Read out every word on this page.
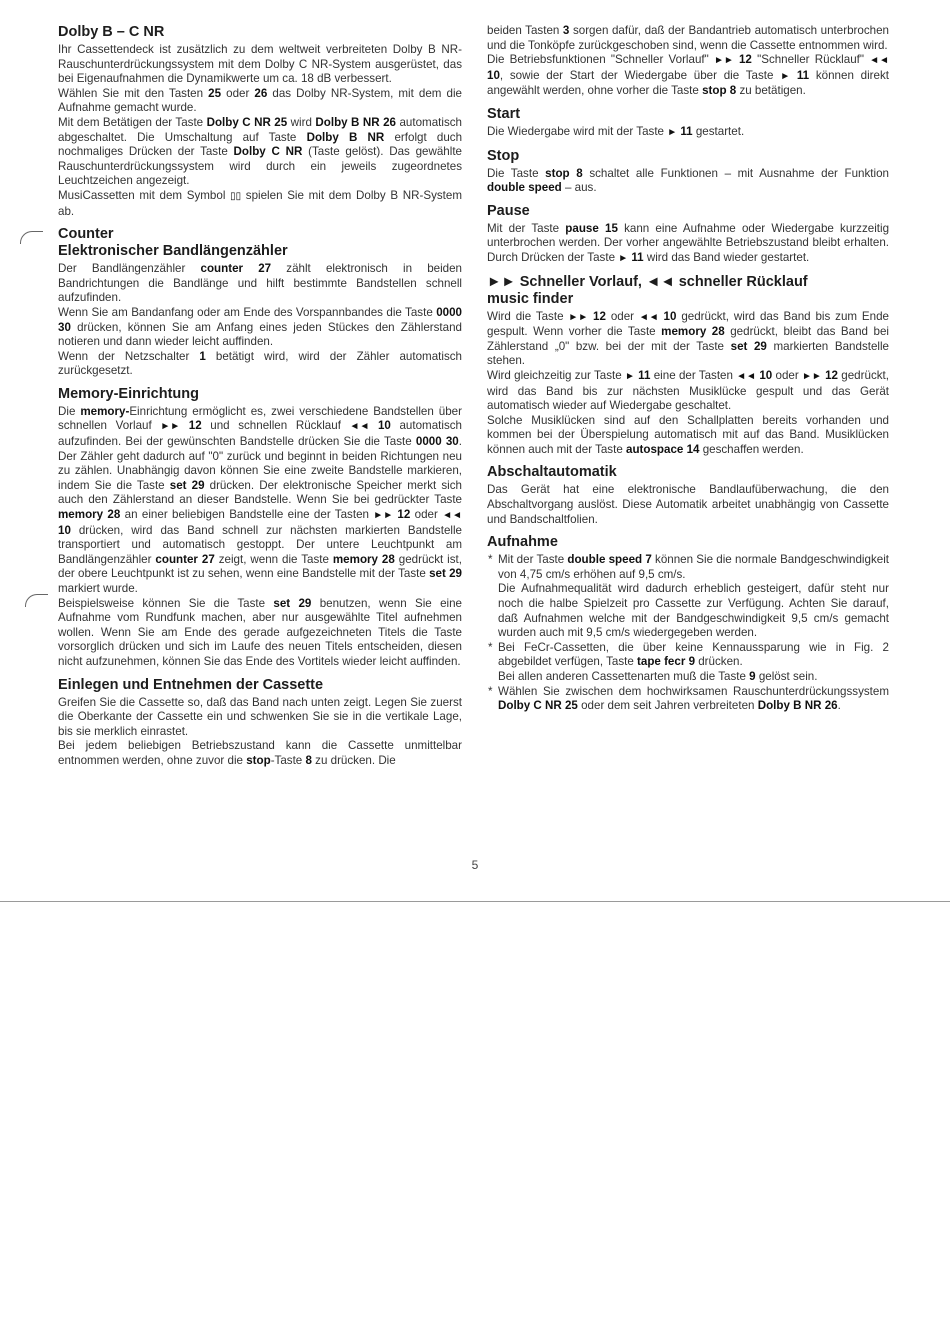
Dolby B – C NR

Ihr Cassettendeck ist zusätzlich zu dem weltweit verbreiteten Dolby B NR-Rauschunterdrückungssystem mit dem Dolby C NR-System ausgerüstet, das bei Eigenaufnahmen die Dynamikwerte um ca. 18 dB verbessert.

Wählen Sie mit den Tasten 25 oder 26 das Dolby NR-System, mit dem die Aufnahme gemacht wurde.

Mit dem Betätigen der Taste Dolby C NR 25 wird Dolby B NR 26 automatisch abgeschaltet. Die Umschaltung auf Taste Dolby B NR erfolgt duch nochmaliges Drücken der Taste Dolby C NR (Taste gelöst). Das gewählte Rauschunterdrückungssystem wird durch ein jeweils zugeordnetes Leuchtzeichen angezeigt.

MusiCassetten mit dem Symbol ▯▯ spielen Sie mit dem Dolby B NR-System ab.

Counter
Elektronischer Bandlängenzähler

Der Bandlängenzähler counter 27 zählt elektronisch in beiden Bandrichtungen die Bandlänge und hilft bestimmte Bandstellen schnell aufzufinden.

Wenn Sie am Bandanfang oder am Ende des Vorspannbandes die Taste 0000 30 drücken, können Sie am Anfang eines jeden Stückes den Zählerstand notieren und dann wieder leicht auffinden.

Wenn der Netzschalter 1 betätigt wird, wird der Zähler automatisch zurückgesetzt.

Memory-Einrichtung

Die memory-Einrichtung ermöglicht es, zwei verschiedene Bandstellen über schnellen Vorlauf ►► 12 und schnellen Rücklauf ◄◄ 10 automatisch aufzufinden. Bei der gewünschten Bandstelle drücken Sie die Taste 0000 30. Der Zähler geht dadurch auf "0" zurück und beginnt in beiden Richtungen neu zu zählen. Unabhängig davon können Sie eine zweite Bandstelle markieren, indem Sie die Taste set 29 drücken. Der elektronische Speicher merkt sich auch den Zählerstand an dieser Bandstelle. Wenn Sie bei gedrückter Taste memory 28 an einer beliebigen Bandstelle eine der Tasten ►► 12 oder ◄◄ 10 drücken, wird das Band schnell zur nächsten markierten Bandstelle transportiert und automatisch gestoppt. Der untere Leuchtpunkt am Bandlängenzähler counter 27 zeigt, wenn die Taste memory 28 gedrückt ist, der obere Leuchtpunkt ist zu sehen, wenn eine Bandstelle mit der Taste set 29 markiert wurde.

Beispielsweise können Sie die Taste set 29 benutzen, wenn Sie eine Aufnahme vom Rundfunk machen, aber nur ausgewählte Titel aufnehmen wollen. Wenn Sie am Ende des gerade aufgezeichneten Titels die Taste vorsorglich drücken und sich im Laufe des neuen Titels entscheiden, diesen nicht aufzunehmen, können Sie das Ende des Vortitels wieder leicht auffinden.

Einlegen und Entnehmen der Cassette

Greifen Sie die Cassette so, daß das Band nach unten zeigt. Legen Sie zuerst die Oberkante der Cassette ein und schwenken Sie sie in die vertikale Lage, bis sie merklich einrastet.

Bei jedem beliebigen Betriebszustand kann die Cassette unmittelbar entnommen werden, ohne zuvor die stop-Taste 8 zu drücken. Die

beiden Tasten 3 sorgen dafür, daß der Bandantrieb automatisch unterbrochen und die Tonköpfe zurückgeschoben sind, wenn die Cassette entnommen wird.

Die Betriebsfunktionen "Schneller Vorlauf" ►► 12 "Schneller Rücklauf" ◄◄ 10, sowie der Start der Wiedergabe über die Taste ► 11 können direkt angewählt werden, ohne vorher die Taste stop 8 zu betätigen.

Start

Die Wiedergabe wird mit der Taste ► 11 gestartet.

Stop

Die Taste stop 8 schaltet alle Funktionen – mit Ausnahme der Funktion double speed – aus.

Pause

Mit der Taste pause 15 kann eine Aufnahme oder Wiedergabe kurzzeitig unterbrochen werden. Der vorher angewählte Betriebszustand bleibt erhalten. Durch Drücken der Taste ► 11 wird das Band wieder gestartet.

►► Schneller Vorlauf, ◄◄ schneller Rücklauf
music finder

Wird die Taste ►► 12 oder ◄◄ 10 gedrückt, wird das Band bis zum Ende gespult. Wenn vorher die Taste memory 28 gedrückt, bleibt das Band bei Zählerstand „0" bzw. bei der mit der Taste set 29 markierten Bandstelle stehen.

Wird gleichzeitig zur Taste ► 11 eine der Tasten ◄◄ 10 oder ►► 12 gedrückt, wird das Band bis zur nächsten Musiklücke gespult und das Gerät automatisch wieder auf Wiedergabe geschaltet.

Solche Musiklücken sind auf den Schallplatten bereits vorhanden und kommen bei der Überspielung automatisch mit auf das Band. Musiklücken können auch mit der Taste autospace 14 geschaffen werden.

Abschaltautomatik

Das Gerät hat eine elektronische Bandlaufüberwachung, die den Abschaltvorgang auslöst. Diese Automatik arbeitet unabhängig von Cassette und Bandschaltfolien.

Aufnahme

* Mit der Taste double speed 7 können Sie die normale Bandgeschwindigkeit von 4,75 cm/s erhöhen auf 9,5 cm/s.

Die Aufnahmequalität wird dadurch erheblich gesteigert, dafür steht nur noch die halbe Spielzeit pro Cassette zur Verfügung. Achten Sie darauf, daß Aufnahmen welche mit der Bandgeschwindigkeit 9,5 cm/s gemacht wurden auch mit 9,5 cm/s wiedergegeben werden.

* Bei FeCr-Cassetten, die über keine Kennaussparung wie in Fig. 2 abgebildet verfügen, Taste tape fecr 9 drücken.

Bei allen anderen Cassettenarten muß die Taste 9 gelöst sein.

* Wählen Sie zwischen dem hochwirksamen Rauschunterdrückungssystem Dolby C NR 25 oder dem seit Jahren verbreiteten Dolby B NR 26.

5
